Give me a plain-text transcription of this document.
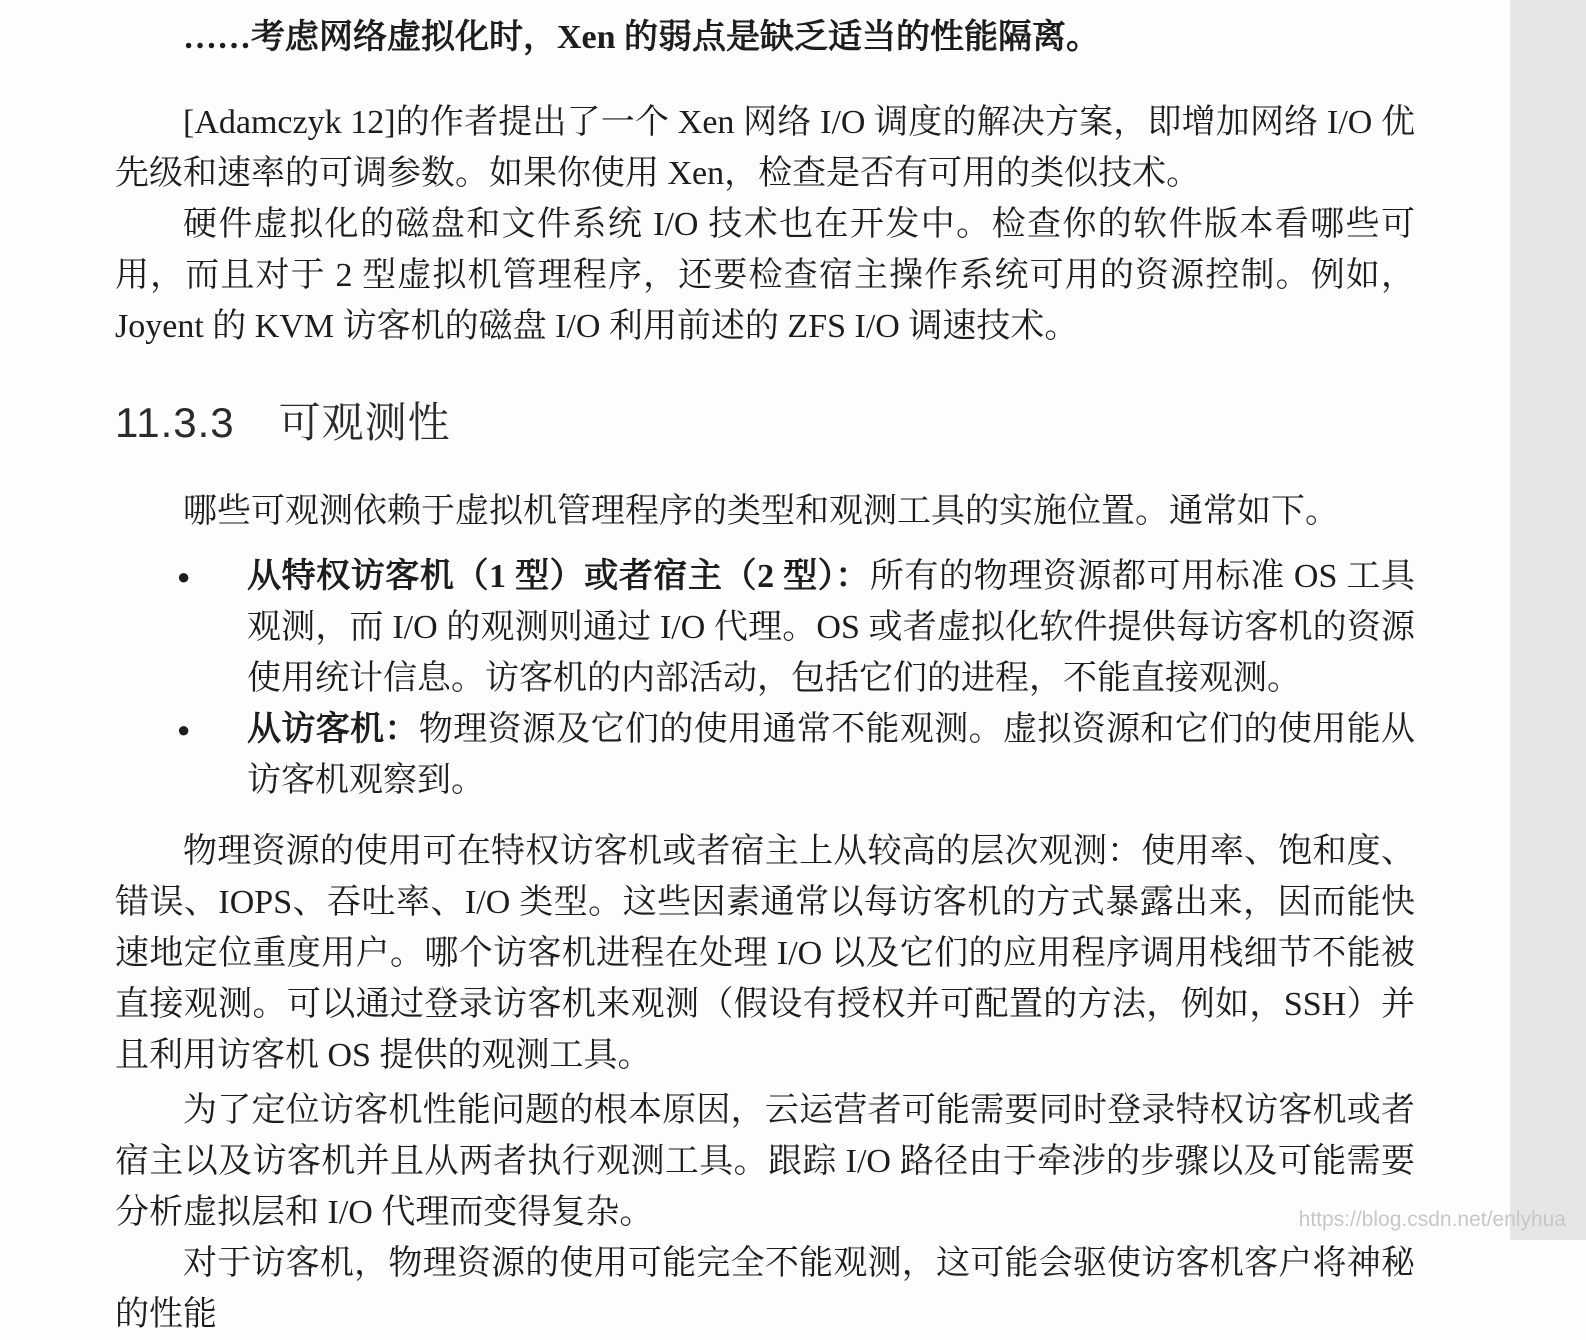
……考虑网络虚拟化时，Xen 的弱点是缺乏适当的性能隔离。

[Adamczyk 12]的作者提出了一个 Xen 网络 I/O 调度的解决方案，即增加网络 I/O 优先级和速率的可调参数。如果你使用 Xen，检查是否有可用的类似技术。

硬件虚拟化的磁盘和文件系统 I/O 技术也在开发中。检查你的软件版本看哪些可用，而且对于 2 型虚拟机管理程序，还要检查宿主操作系统可用的资源控制。例如，Joyent 的 KVM 访客机的磁盘 I/O 利用前述的 ZFS I/O 调速技术。

11.3.3 可观测性

哪些可观测依赖于虚拟机管理程序的类型和观测工具的实施位置。通常如下。

●	从特权访客机（1 型）或者宿主（2 型）：所有的物理资源都可用标准 OS 工具观测，而 I/O 的观测则通过 I/O 代理。OS 或者虚拟化软件提供每访客机的资源使用统计信息。访客机的内部活动，包括它们的进程，不能直接观测。
●	从访客机：物理资源及它们的使用通常不能观测。虚拟资源和它们的使用能从访客机观察到。

物理资源的使用可在特权访客机或者宿主上从较高的层次观测：使用率、饱和度、错误、IOPS、吞吐率、I/O 类型。这些因素通常以每访客机的方式暴露出来，因而能快速地定位重度用户。哪个访客机进程在处理 I/O 以及它们的应用程序调用栈细节不能被直接观测。可以通过登录访客机来观测（假设有授权并可配置的方法，例如，SSH）并且利用访客机 OS 提供的观测工具。

为了定位访客机性能问题的根本原因，云运营者可能需要同时登录特权访客机或者宿主以及访客机并且从两者执行观测工具。跟踪 I/O 路径由于牵涉的步骤以及可能需要分析虚拟层和 I/O 代理而变得复杂。

对于访客机，物理资源的使用可能完全不能观测，这可能会驱使访客机客户将神秘的性能

https://blog.csdn.net/enlyhua
